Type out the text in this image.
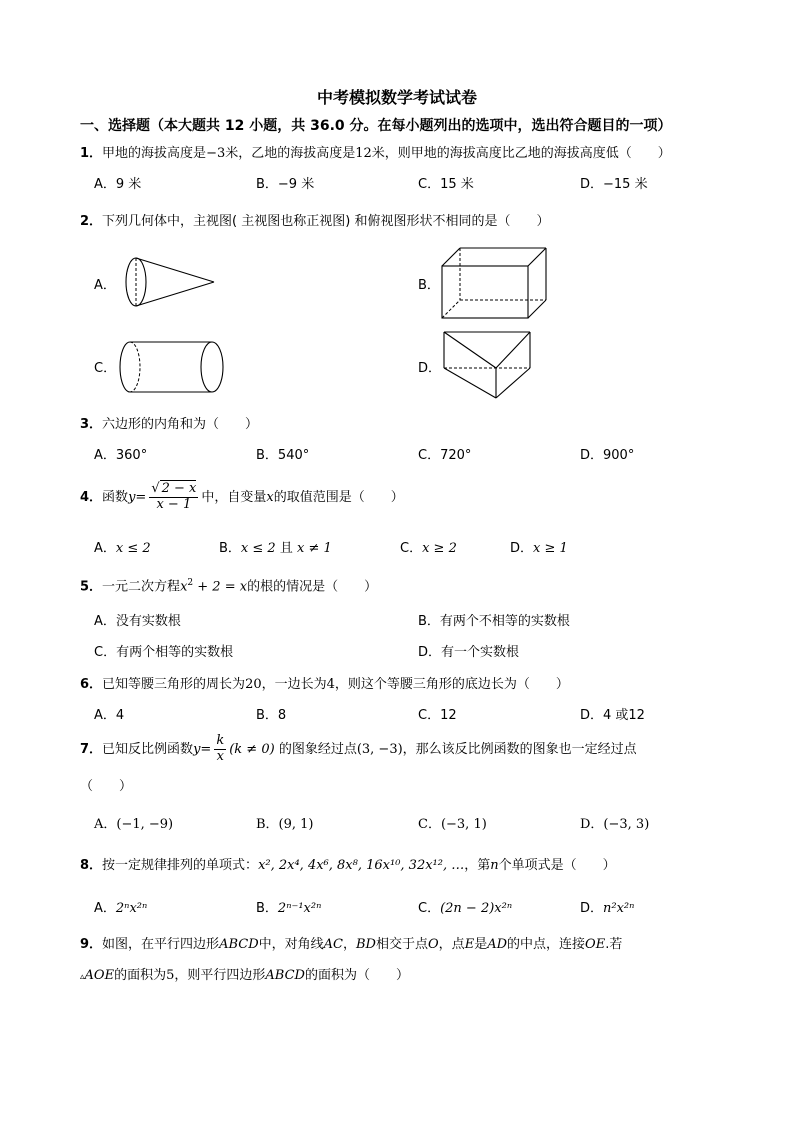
中考模拟数学考试试卷
一、选择题（本大题共 12 小题，共 36.0 分。在每小题列出的选项中，选出符合题目的一项）
1．甲地的海拔高度是−3米，乙地的海拔高度是12米，则甲地的海拔高度比乙地的海拔高度低（　　）
A．9 米	B．−9 米	C．15 米	D．−15 米
2．下列几何体中，主视图( 主视图也称正视图) 和俯视图形状不相同的是（　　）
A．	B．
C．	D．
3．六边形的内角和为（　　）
A．360°	B．540°	C．720°	D．900°
4．函数$y= \frac{√ 2 - x}{x - 1}$ 中，自变量x的取值范围是（　　）
A．x ≤ 2	B．x ≤ 2 且 x ≠ 1	C．x ≥ 2	D．x ≥ 1
5．一元二次方程$x^2 + 2 = x$的根的情况是（　　）
A．没有实数根	B．有两个不相等的实数根
C．有两个相等的实数根	D．有一个实数根
6．已知等腰三角形的周长为20，一边长为4，则这个等腰三角形的底边长为（　　）
A．4	B．8	C．12	D．4 或12
7．已知反比例函数$y= \frac{k}{x} (k \ne 0)$ 的图象经过点(3, −3)，那么该反比例函数的图象也一定经过点
（　　）
A．(−1, −9)	B．(9, 1)	C．(−3, 1)	D．(−3, 3)
8．按一定规律排列的单项式：x², 2x⁴, 4x⁶, 8x⁸, 16x¹⁰, 32x¹², …，第n个单项式是（　　）
A．2ⁿx²ⁿ	B．2ⁿ⁻¹x²ⁿ	C．(2n − 2)x²ⁿ	D．n²x²ⁿ
9．如图，在平行四边形ABCD中，对角线AC，BD相交于点O，点E是AD的中点，连接OE.若
▵AOE的面积为5，则平行四边形ABCD的面积为（　　）
